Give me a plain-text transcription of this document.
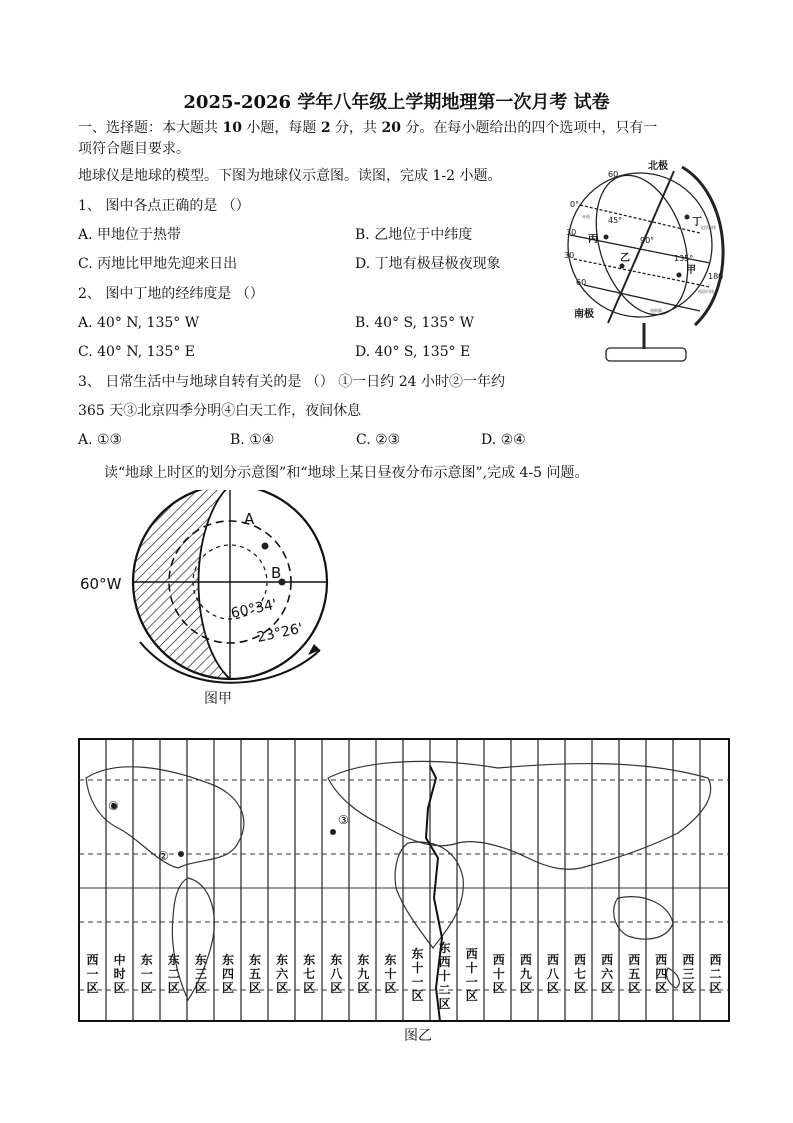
2025-2026 学年八年级上学期地理第一次月考 试卷
一、选择题：本大题共 10 小题，每题 2 分，共 20 分。在每小题给出的四个选项中，只有一
项符合题目要求。
地球仪是地球的模型。下图为地球仪示意图。读图，完成 1-2 小题。
1、 图中各点正确的是 （）
A. 甲地位于热带	B. 乙地位于中纬度
C. 丙地比甲地先迎来日出	D. 丁地有极昼极夜现象
2、 图中丁地的经纬度是 （）
A. 40° N, 135° W	B. 40° S, 135° W
C. 40° N, 135° E	D. 40° S, 135° E
3、 日常生活中与地球自转有关的是 （） ①一日约 24 小时②一年约
365 天③北京四季分明④白天工作，夜间休息
A. ①③	B. ①④	C. ②③	D. ②④
读“地球上时区的划分示意图”和“地球上某日昼夜分布示意图”,完成 4-5 问题。
北极
南极
丙
乙
甲
丁
60
0°
30
30
60
45°
90°
135°
180
北回归线
赤道
南回归线
南极圈
60°W
A
B
60°34'
23°26'
图甲
①
②
③
西一区
中时区
东一区
东二区
东三区
东四区
东五区
东六区
东七区
东八区
东九区
东十区
东十一区
东西十二区
西十一区
西十区
西九区
西八区
西七区
西六区
西五区
西四区
西三区
西二区
图乙
